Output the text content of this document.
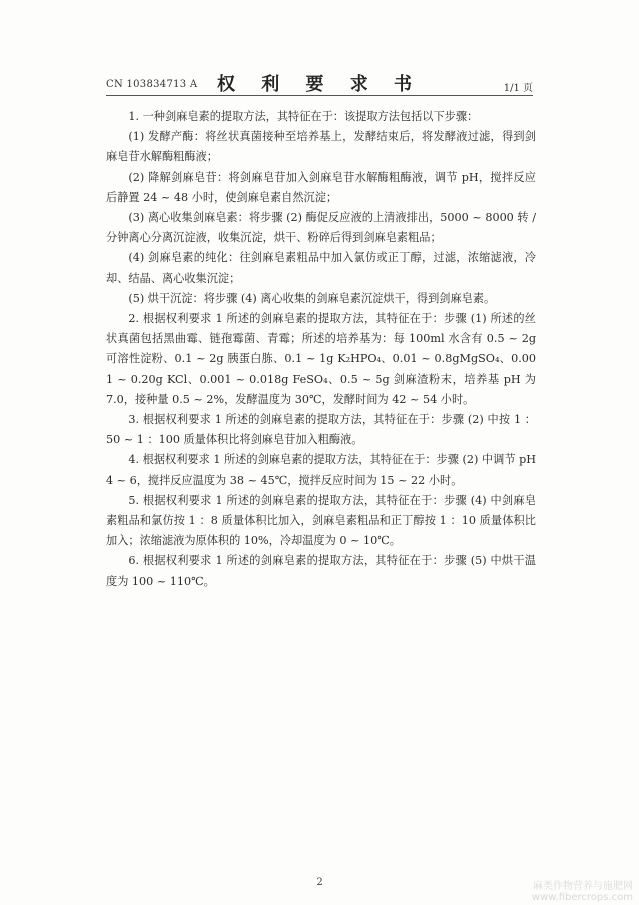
CN 103834713 A	权 利 要 求 书	1/1 页

1. 一种剑麻皂素的提取方法，其特征在于：该提取方法包括以下步骤：

(1) 发酵产酶：将丝状真菌接种至培养基上，发酵结束后，将发酵液过滤，得到剑麻皂苷水解酶粗酶液；

(2) 降解剑麻皂苷：将剑麻皂苷加入剑麻皂苷水解酶粗酶液，调节 pH，搅拌反应后静置 24 ~ 48 小时，使剑麻皂素自然沉淀；

(3) 离心收集剑麻皂素：将步骤 (2) 酶促反应液的上清液排出，5000 ~ 8000 转 / 分钟离心分离沉淀液，收集沉淀，烘干、粉碎后得到剑麻皂素粗品；

(4) 剑麻皂素的纯化：往剑麻皂素粗品中加入氯仿或正丁醇，过滤，浓缩滤液，冷却、结晶、离心收集沉淀；

(5) 烘干沉淀：将步骤 (4) 离心收集的剑麻皂素沉淀烘干，得到剑麻皂素。

2. 根据权利要求 1 所述的剑麻皂素的提取方法，其特征在于：步骤 (1) 所述的丝状真菌包括黑曲霉、链孢霉菌、青霉；所述的培养基为：每 100ml 水含有 0.5 ~ 2g 可溶性淀粉、0.1 ~ 2g 胰蛋白胨、0.1 ~ 1g K₂HPO₄、0.01 ~ 0.8gMgSO₄、0.001 ~ 0.20g KCl、0.001 ~ 0.018g FeSO₄、0.5 ~ 5g 剑麻渣粉末，培养基 pH 为 7.0，接种量 0.5 ~ 2%，发酵温度为 30℃，发酵时间为 42 ~ 54 小时。

3. 根据权利要求 1 所述的剑麻皂素的提取方法，其特征在于：步骤 (2) 中按 1 ：50 ~ 1 ：100 质量体积比将剑麻皂苷加入粗酶液。

4. 根据权利要求 1 所述的剑麻皂素的提取方法，其特征在于：步骤 (2) 中调节 pH4 ~ 6，搅拌反应温度为 38 ~ 45℃，搅拌反应时间为 15 ~ 22 小时。

5. 根据权利要求 1 所述的剑麻皂素的提取方法，其特征在于：步骤 (4) 中剑麻皂素粗品和氯仿按 1 ：8 质量体积比加入，剑麻皂素粗品和正丁醇按 1 ：10 质量体积比加入；浓缩滤液为原体积的 10%，冷却温度为 0 ~ 10℃。

6. 根据权利要求 1 所述的剑麻皂素的提取方法，其特征在于：步骤 (5) 中烘干温度为 100 ~ 110℃。

2	麻类作物营养与施肥网
www.fibercrops.com
